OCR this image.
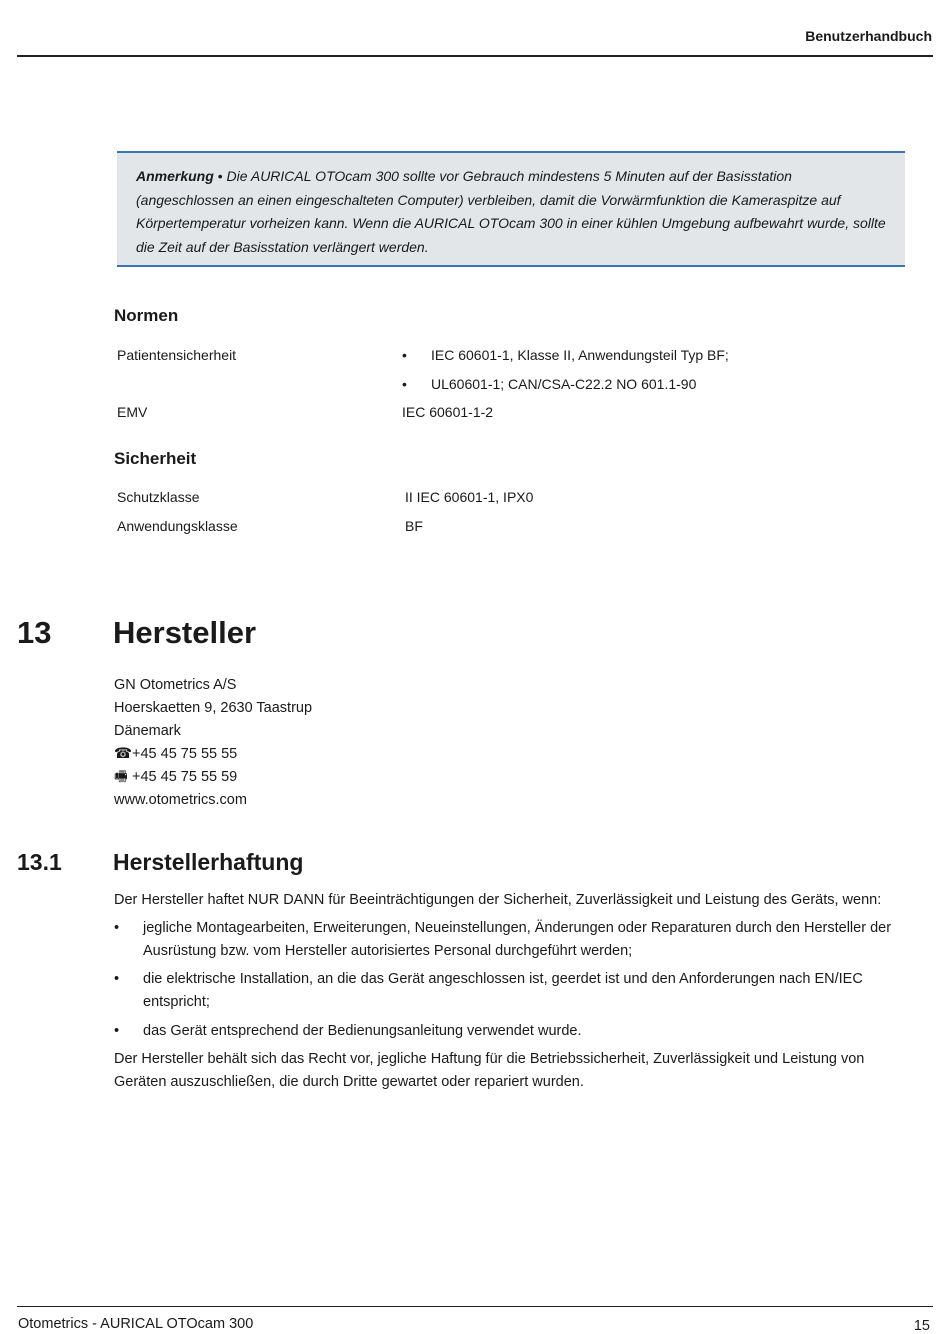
Benutzerhandbuch
Anmerkung • Die AURICAL OTOcam 300 sollte vor Gebrauch mindestens 5 Minuten auf der Basisstation (angeschlossen an einen eingeschalteten Computer) verbleiben, damit die Vorwärmfunktion die Kameraspitze auf Körpertemperatur vorheizen kann. Wenn die AURICAL OTOcam 300 in einer kühlen Umgebung aufbewahrt wurde, sollte die Zeit auf der Basisstation verlängert werden.
Normen
Patientensicherheit	• IEC 60601-1, Klasse II, Anwendungsteil Typ BF;
• UL60601-1; CAN/CSA-C22.2 NO 601.1-90
EMV	IEC 60601-1-2
Sicherheit
Schutzklasse	II IEC 60601-1, IPX0
Anwendungsklasse	BF
13 Hersteller
GN Otometrics A/S
Hoerskaetten 9, 2630 Taastrup
Dänemark
☎+45 45 75 55 55
🖷 +45 45 75 55 59
www.otometrics.com
13.1 Herstellerhaftung
Der Hersteller haftet NUR DANN für Beeinträchtigungen der Sicherheit, Zuverlässigkeit und Leistung des Geräts, wenn:
• jegliche Montagearbeiten, Erweiterungen, Neueinstellungen, Änderungen oder Reparaturen durch den Hersteller der Ausrüstung bzw. vom Hersteller autorisiertes Personal durchgeführt werden;
• die elektrische Installation, an die das Gerät angeschlossen ist, geerdet ist und den Anforderungen nach EN/IEC entspricht;
• das Gerät entsprechend der Bedienungsanleitung verwendet wurde.
Der Hersteller behält sich das Recht vor, jegliche Haftung für die Betriebssicherheit, Zuverlässigkeit und Leistung von Geräten auszuschließen, die durch Dritte gewartet oder repariert wurden.
Otometrics - AURICAL OTOcam 300	15
